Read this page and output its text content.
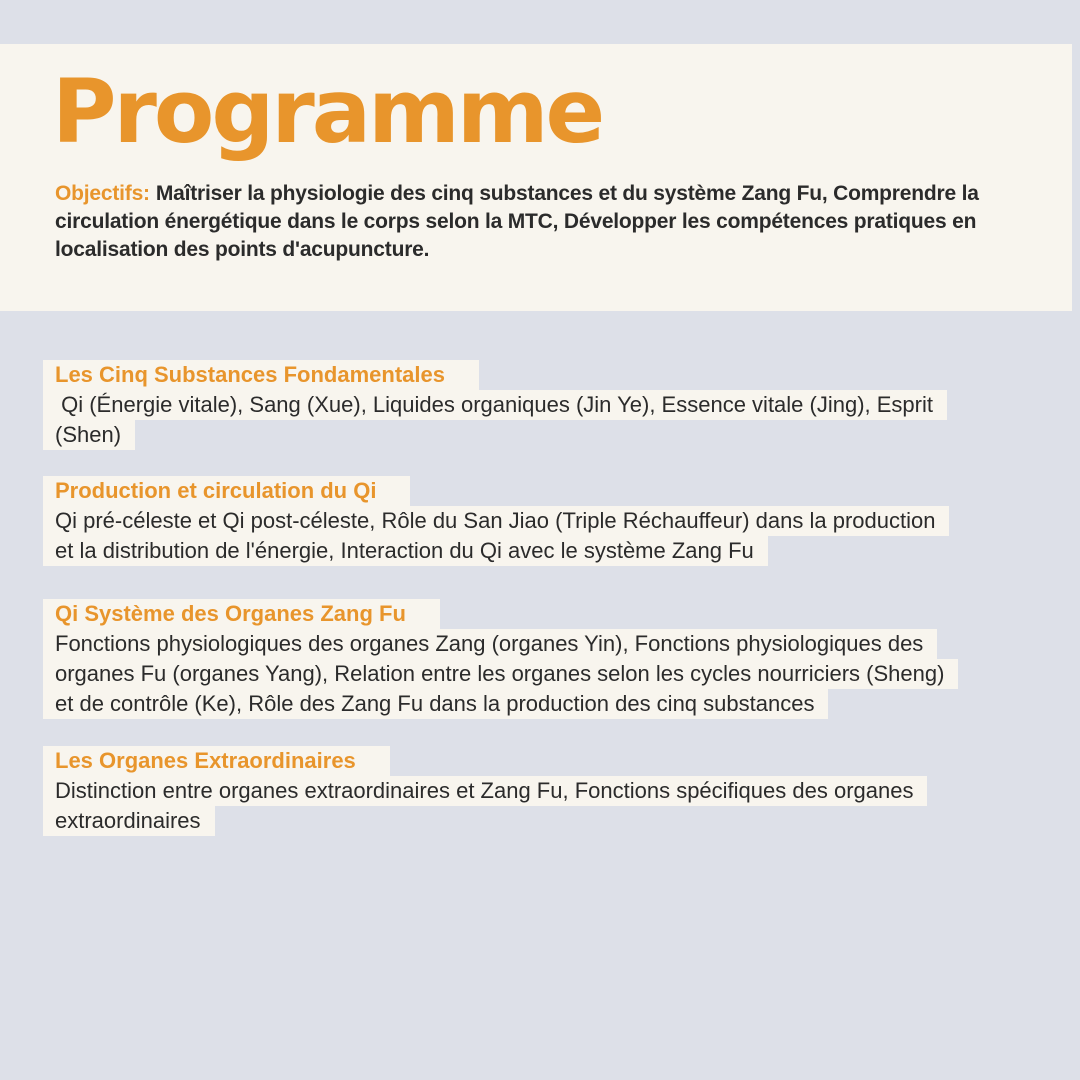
Programme
Objectifs: Maîtriser la physiologie des cinq substances et du système Zang Fu, Comprendre la
circulation énergétique dans le corps selon la MTC, Développer les compétences pratiques en
localisation des points d'acupuncture.
Les Cinq Substances Fondamentales
Qi (Énergie vitale), Sang (Xue), Liquides organiques (Jin Ye), Essence vitale (Jing), Esprit
(Shen)
Production et circulation du Qi
Qi pré-céleste et Qi post-céleste, Rôle du San Jiao (Triple Réchauffeur) dans la production
et la distribution de l'énergie, Interaction du Qi avec le système Zang Fu
Qi Système des Organes Zang Fu
Fonctions physiologiques des organes Zang (organes Yin), Fonctions physiologiques des
organes Fu (organes Yang), Relation entre les organes selon les cycles nourriciers (Sheng)
et de contrôle (Ke), Rôle des Zang Fu dans la production des cinq substances
Les Organes Extraordinaires
Distinction entre organes extraordinaires et Zang Fu, Fonctions spécifiques des organes
extraordinaires
